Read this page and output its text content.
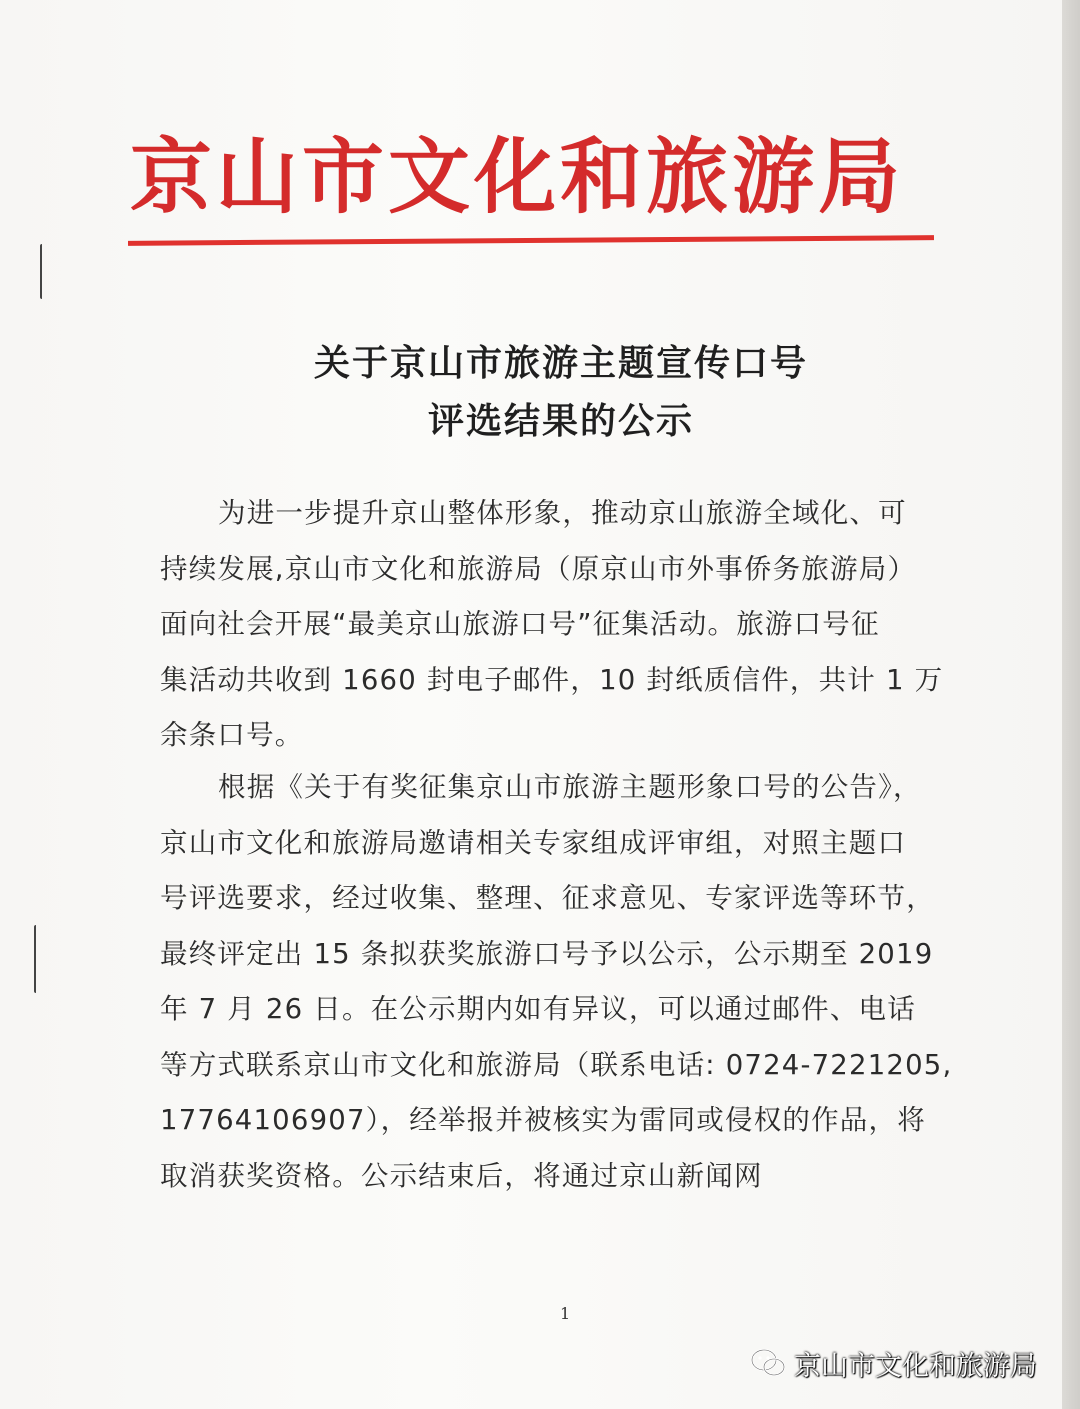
京山市文化和旅游局
关于京山市旅游主题宣传口号
评选结果的公示
为进一步提升京山整体形象，推动京山旅游全域化、可
持续发展,京山市文化和旅游局（原京山市外事侨务旅游局）
面向社会开展“最美京山旅游口号”征集活动。旅游口号征
集活动共收到 1660 封电子邮件，10 封纸质信件，共计 1 万
余条口号。
根据《关于有奖征集京山市旅游主题形象口号的公告》，
京山市文化和旅游局邀请相关专家组成评审组，对照主题口
号评选要求，经过收集、整理、征求意见、专家评选等环节，
最终评定出 15 条拟获奖旅游口号予以公示，公示期至 2019
年 7 月 26 日。在公示期内如有异议，可以通过邮件、电话
等方式联系京山市文化和旅游局（联系电话: 0724-7221205,
17764106907），经举报并被核实为雷同或侵权的作品，将
取消获奖资格。公示结束后，将通过京山新闻网
1
京山市文化和旅游局
